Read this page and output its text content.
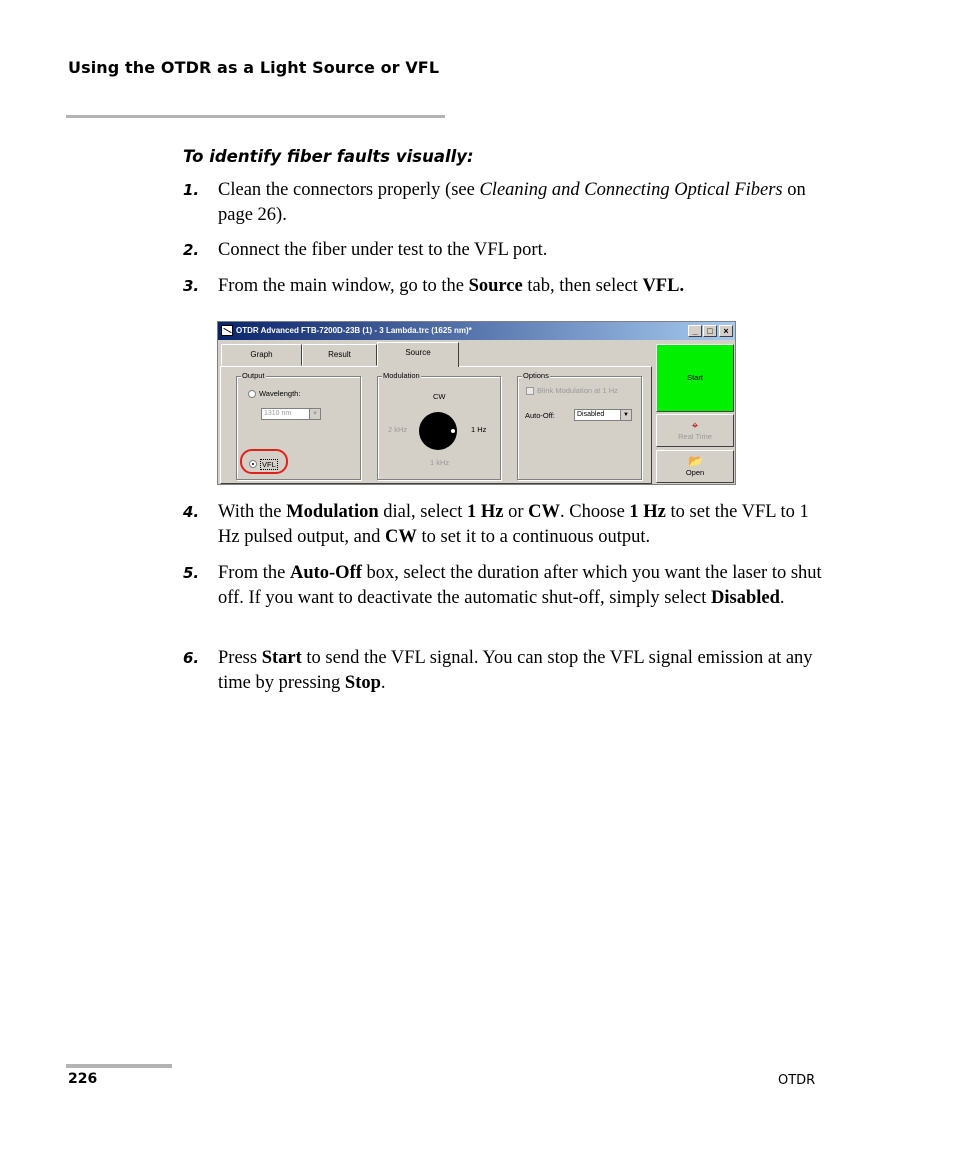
Using the OTDR as a Light Source or VFL
To identify fiber faults visually:
1. Clean the connectors properly (see Cleaning and Connecting Optical Fibers on page 26).
2. Connect the fiber under test to the VFL port.
3. From the main window, go to the Source tab, then select VFL.
OTDR Advanced FTB-7200D-23B (1) - 3 Lambda.trc (1625 nm)*	_	□	×
Graph	Result
Output
Wavelength:
1310 nm	▼
VFL
Modulation
CW
2 kHz	1 Hz
1 kHz
Options
Blink Modulation at 1 Hz
Auto-Off:	Disabled	▼
Source
Start
⌖
Real Time
📂
Open
4. With the Modulation dial, select 1 Hz or CW. Choose 1 Hz to set the VFL to 1 Hz pulsed output, and CW to set it to a continuous output.
5. From the Auto-Off box, select the duration after which you want the laser to shut off. If you want to deactivate the automatic shut-off, simply select Disabled.
6. Press Start to send the VFL signal. You can stop the VFL signal emission at any time by pressing Stop.
226	OTDR
